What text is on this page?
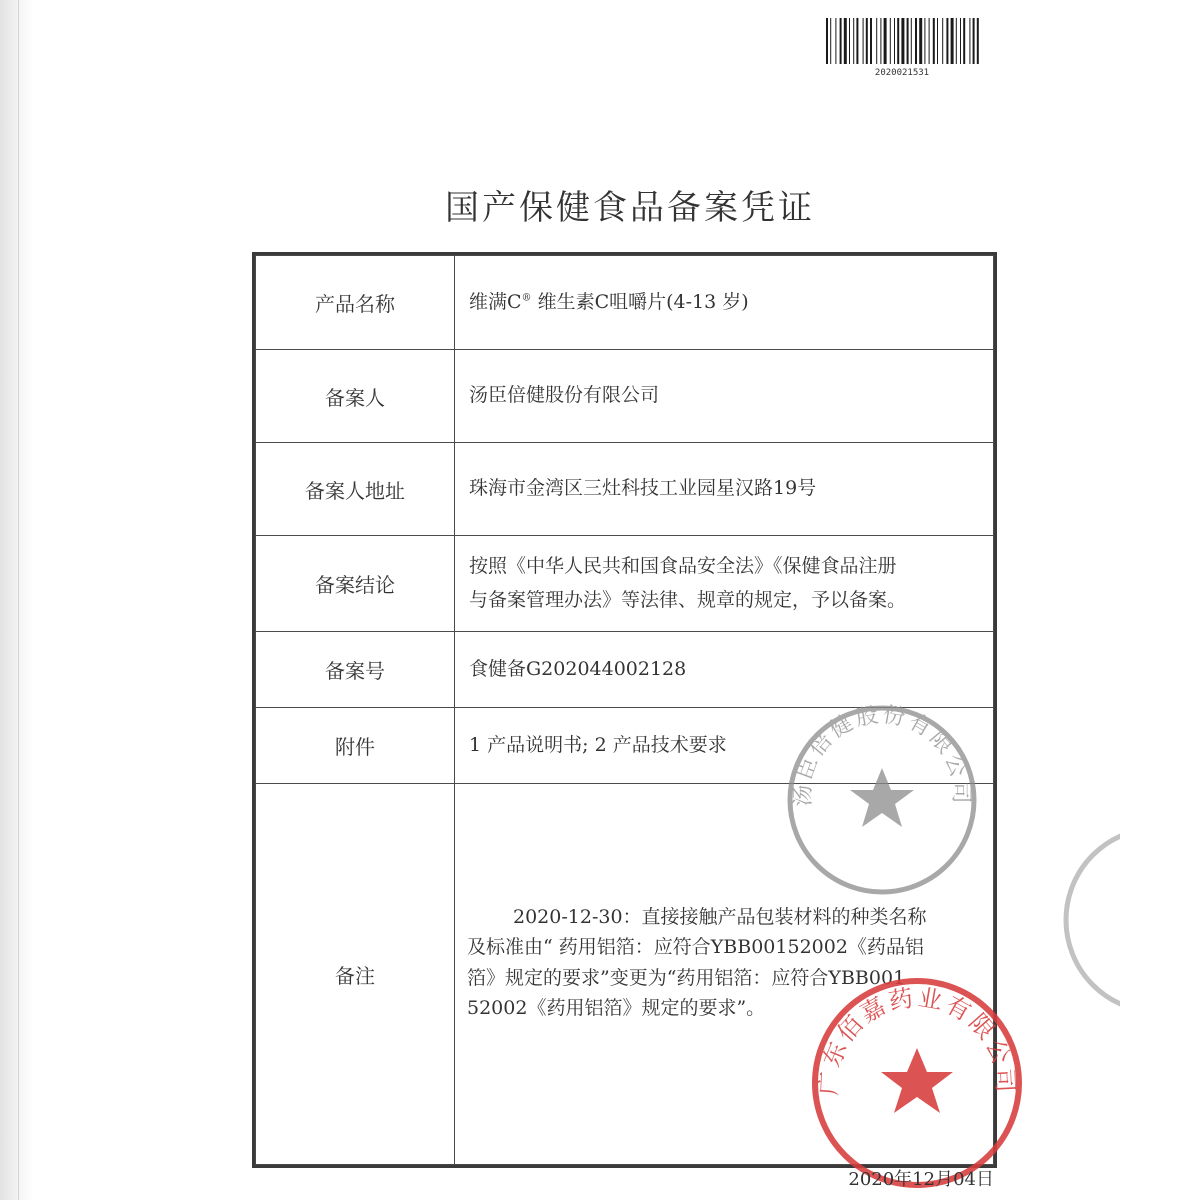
2020021531
国产保健食品备案凭证
产品名称	维满C® 维生素C咀嚼片(4-13 岁)
备案人	汤臣倍健股份有限公司
备案人地址	珠海市金湾区三灶科技工业园星汉路19号
备案结论	按照《中华人民共和国食品安全法》《保健食品注册
与备案管理办法》等法律、规章的规定，予以备案。

备案号	食健备G202044002128
附件	1 产品说明书; 2 产品技术要求
备注	2020-12-30：直接接触产品包装材料的种类名称
及标准由“ 药用铝箔：应符合YBB00152002《药品铝
箔》规定的要求”变更为“药用铝箔：应符合YBB001
52002《药用铝箔》规定的要求”。
汤臣倍健股份有限公司
广东佰嘉药业有限公司
2020年12月04日
